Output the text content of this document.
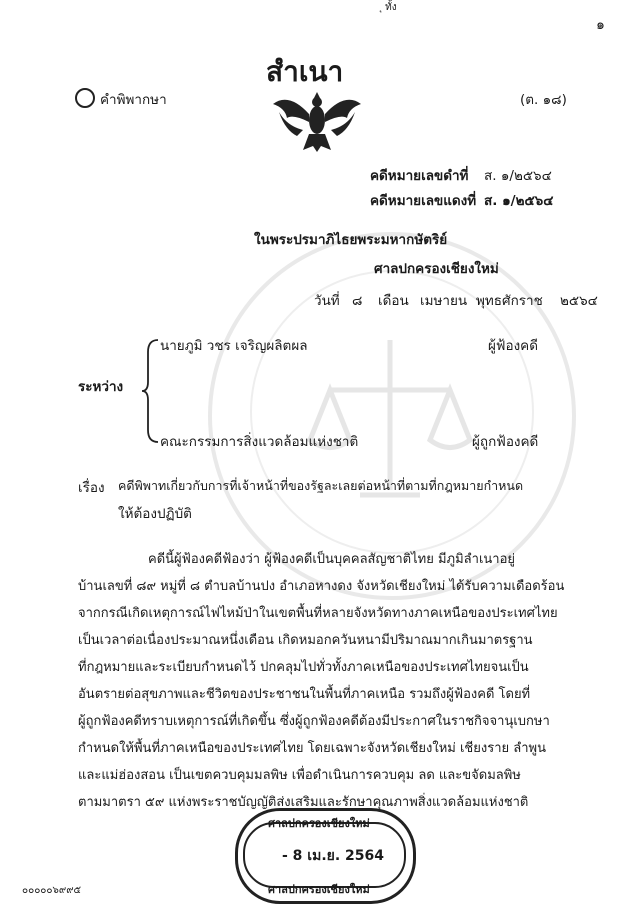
ุ ทั้ง
๑
สำเนา
คำพิพากษา	(ต. ๑๘)
คดีหมายเลขดำที่ ส. ๑/๒๕๖๔
คดีหมายเลขแดงที่ ส. ๑/๒๕๖๔
ในพระปรมาภิไธยพระมหากษัตริย์
ศาลปกครองเชียงใหม่
วันที่ ๘ เดือน เมษายน พุทธศักราช ๒๕๖๔
ระหว่าง
นายภูมิ วชร เจริญผลิตผล	ผู้ฟ้องคดี
คณะกรรมการสิ่งแวดล้อมแห่งชาติ	ผู้ถูกฟ้องคดี
เรื่อง คดีพิพาทเกี่ยวกับการที่เจ้าหน้าที่ของรัฐละเลยต่อหน้าที่ตามที่กฎหมายกำหนด
ให้ต้องปฏิบัติ
คดีนี้ผู้ฟ้องคดีฟ้องว่า ผู้ฟ้องคดีเป็นบุคคลสัญชาติไทย มีภูมิลำเนาอยู่
บ้านเลขที่ ๘๙ หมู่ที่ ๘ ตำบลบ้านปง อำเภอหางดง จังหวัดเชียงใหม่ ได้รับความเดือดร้อน
จากกรณีเกิดเหตุการณ์ไฟไหม้ป่าในเขตพื้นที่หลายจังหวัดทางภาคเหนือของประเทศไทย
เป็นเวลาต่อเนื่องประมาณหนึ่งเดือน เกิดหมอกควันหนามีปริมาณมากเกินมาตรฐาน
ที่กฎหมายและระเบียบกำหนดไว้ ปกคลุมไปทั่วทั้งภาคเหนือของประเทศไทยจนเป็น
อันตรายต่อสุขภาพและชีวิตของประชาชนในพื้นที่ภาคเหนือ รวมถึงผู้ฟ้องคดี โดยที่
ผู้ถูกฟ้องคดีทราบเหตุการณ์ที่เกิดขึ้น ซึ่งผู้ถูกฟ้องคดีต้องมีประกาศในราชกิจจานุเบกษา
กำหนดให้พื้นที่ภาคเหนือของประเทศไทย โดยเฉพาะจังหวัดเชียงใหม่ เชียงราย ลำพูน
และแม่ฮ่องสอน เป็นเขตควบคุมมลพิษ เพื่อดำเนินการควบคุม ลด และขจัดมลพิษ
ตามมาตรา ๕๙ แห่งพระราชบัญญัติส่งเสริมและรักษาคุณภาพสิ่งแวดล้อมแห่งชาติ
ศาลปกครองเชียงใหม่
- 8 เม.ย. 2564
ศาลปกครองเชียงใหม่
๐๐๐๐๐๖๙๙๕
